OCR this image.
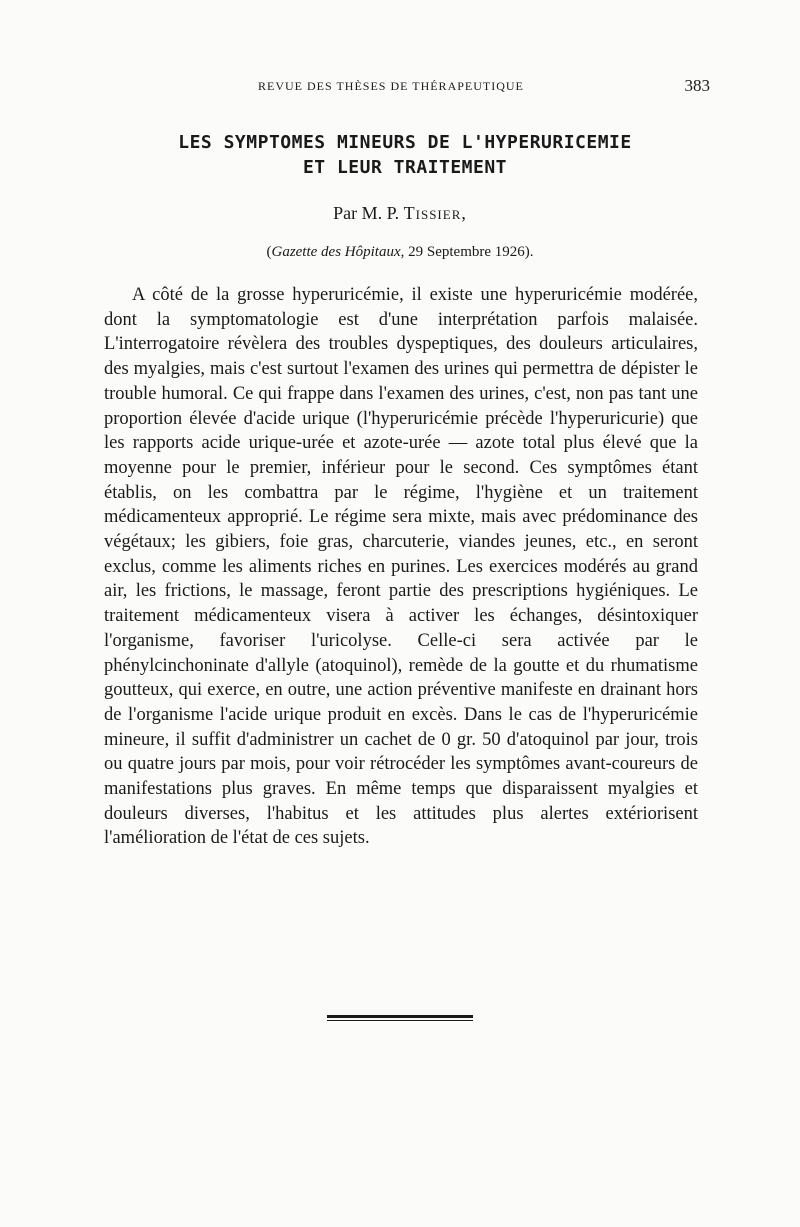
REVUE DES THÈSES DE THÉRAPEUTIQUE	383
LES SYMPTOMES MINEURS DE L'HYPERURICEMIE
ET LEUR TRAITEMENT
Par M. P. Tissier,
(Gazette des Hôpitaux, 29 Septembre 1926).

A côté de la grosse hyperuricémie, il existe une hyperuricémie modérée, dont la symptomatologie est d'une interprétation parfois malaisée. L'interrogatoire révèlera des troubles dyspeptiques, des douleurs articulaires, des myalgies, mais c'est surtout l'examen des urines qui permettra de dépister le trouble humoral. Ce qui frappe dans l'examen des urines, c'est, non pas tant une proportion élevée d'acide urique (l'hyperuricémie précède l'hyperuricurie) que les rapports acide urique-urée et azote-urée — azote total plus élevé que la moyenne pour le premier, inférieur pour le second. Ces symptômes étant établis, on les combattra par le régime, l'hygiène et un traitement médicamenteux approprié. Le régime sera mixte, mais avec prédominance des végétaux; les gibiers, foie gras, charcuterie, viandes jeunes, etc., en seront exclus, comme les aliments riches en purines. Les exercices modérés au grand air, les frictions, le massage, feront partie des prescriptions hygiéniques. Le traitement médicamenteux visera à activer les échanges, désintoxiquer l'organisme, favoriser l'uricolyse. Celle-ci sera activée par le phénylcinchoninate d'allyle (atoquinol), remède de la goutte et du rhumatisme goutteux, qui exerce, en outre, une action préventive manifeste en drainant hors de l'organisme l'acide urique produit en excès. Dans le cas de l'hyperuricémie mineure, il suffit d'administrer un cachet de 0 gr. 50 d'atoquinol par jour, trois ou quatre jours par mois, pour voir rétrocéder les symptômes avant-coureurs de manifestations plus graves. En même temps que disparaissent myalgies et douleurs diverses, l'habitus et les attitudes plus alertes extériorisent l'amélioration de l'état de ces sujets.
